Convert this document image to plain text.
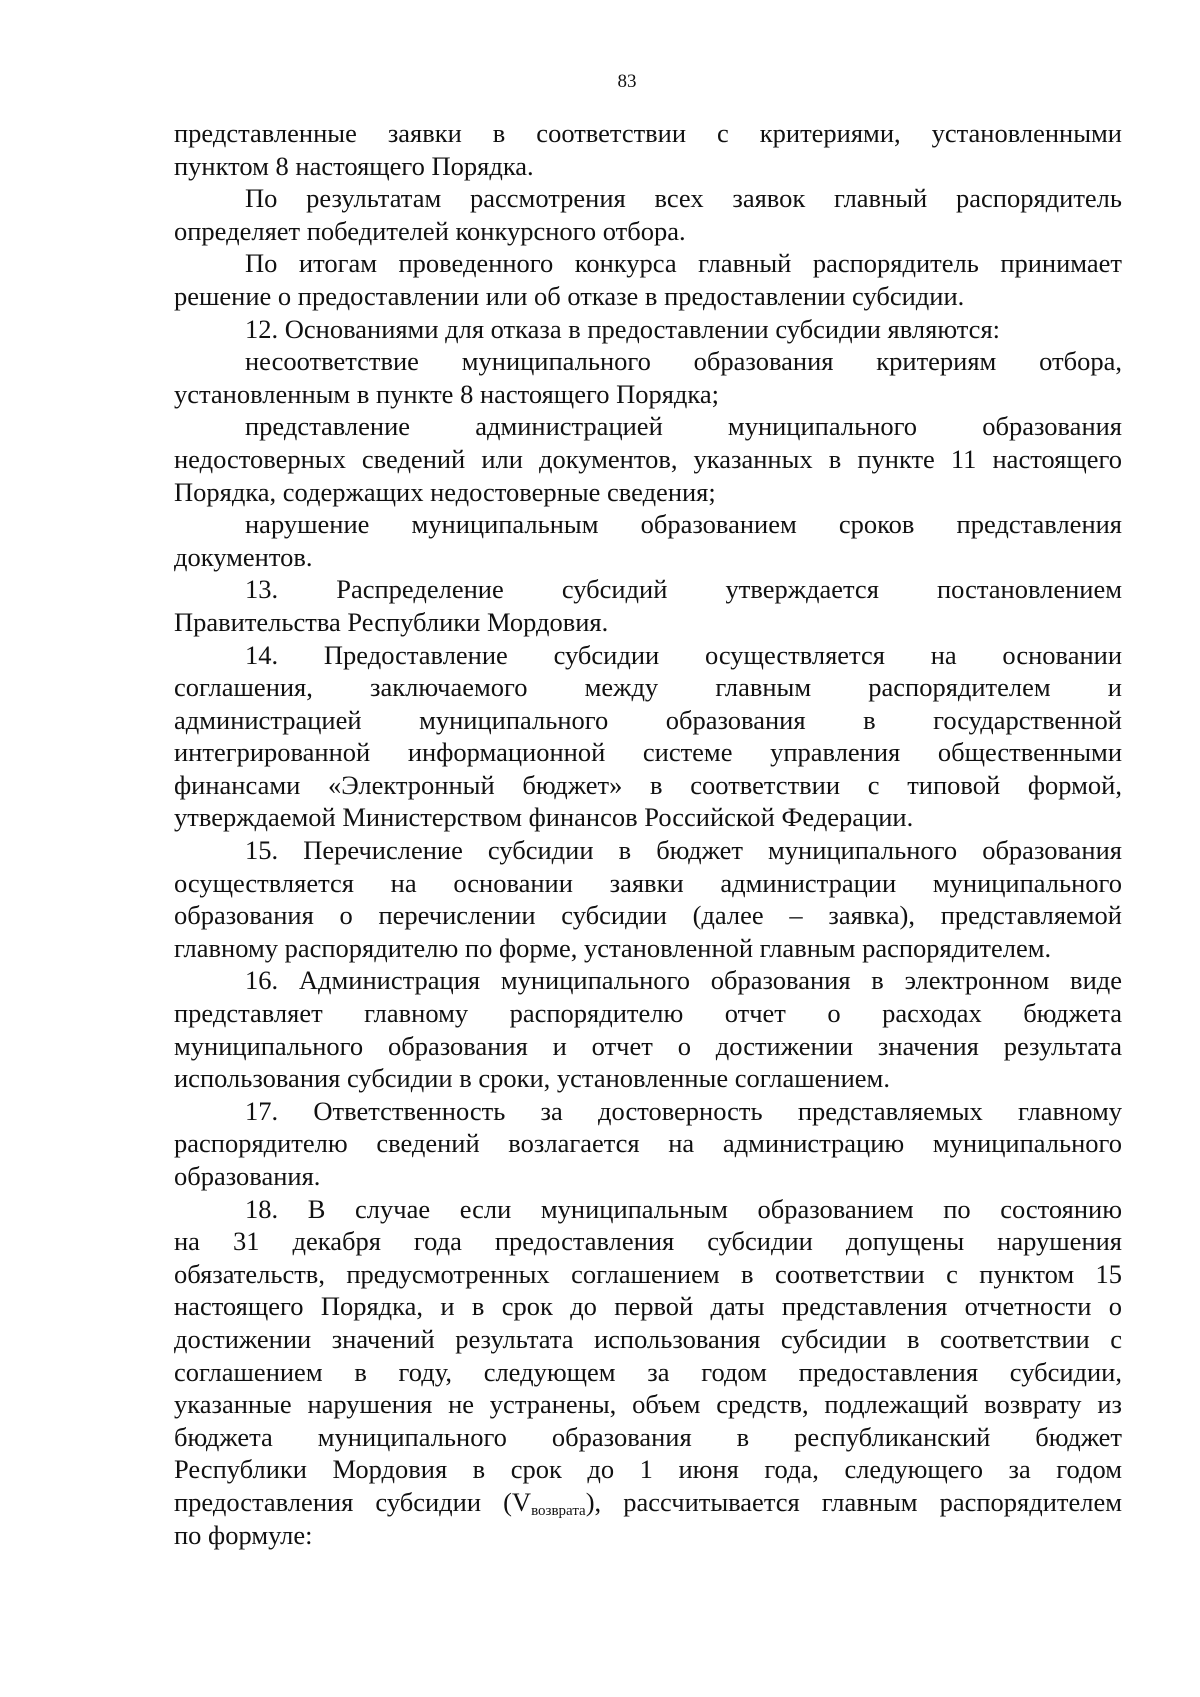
83
представленные заявки в соответствии с критериями, установленными
пунктом 8 настоящего Порядка.
По результатам рассмотрения всех заявок главный распорядитель
определяет победителей конкурсного отбора.
По итогам проведенного конкурса главный распорядитель принимает
решение о предоставлении или об отказе в предоставлении субсидии.
12. Основаниями для отказа в предоставлении субсидии являются:
несоответствие муниципального образования критериям отбора,
установленным в пункте 8 настоящего Порядка;
представление администрацией муниципального образования
недостоверных сведений или документов, указанных в пункте 11 настоящего
Порядка, содержащих недостоверные сведения;
нарушение муниципальным образованием сроков представления
документов.
13. Распределение субсидий утверждается постановлением
Правительства Республики Мордовия.
14. Предоставление субсидии осуществляется на основании
соглашения, заключаемого между главным распорядителем и
администрацией муниципального образования в государственной
интегрированной информационной системе управления общественными
финансами «Электронный бюджет» в соответствии с типовой формой,
утверждаемой Министерством финансов Российской Федерации.
15. Перечисление субсидии в бюджет муниципального образования
осуществляется на основании заявки администрации муниципального
образования о перечислении субсидии (далее – заявка), представляемой
главному распорядителю по форме, установленной главным распорядителем.
16. Администрация муниципального образования в электронном виде
представляет главному распорядителю отчет о расходах бюджета
муниципального образования и отчет о достижении значения результата
использования субсидии в сроки, установленные соглашением.
17. Ответственность за достоверность представляемых главному
распорядителю сведений возлагается на администрацию муниципального
образования.
18. В случае если муниципальным образованием по состоянию
на 31 декабря года предоставления субсидии допущены нарушения
обязательств, предусмотренных соглашением в соответствии с пунктом 15
настоящего Порядка, и в срок до первой даты представления отчетности о
достижении значений результата использования субсидии в соответствии с
соглашением в году, следующем за годом предоставления субсидии,
указанные нарушения не устранены, объем средств, подлежащий возврату из
бюджета муниципального образования в республиканский бюджет
Республики Мордовия в срок до 1 июня года, следующего за годом
предоставления субсидии $(V_{возврата})$, рассчитывается главным распорядителем
по формуле:
